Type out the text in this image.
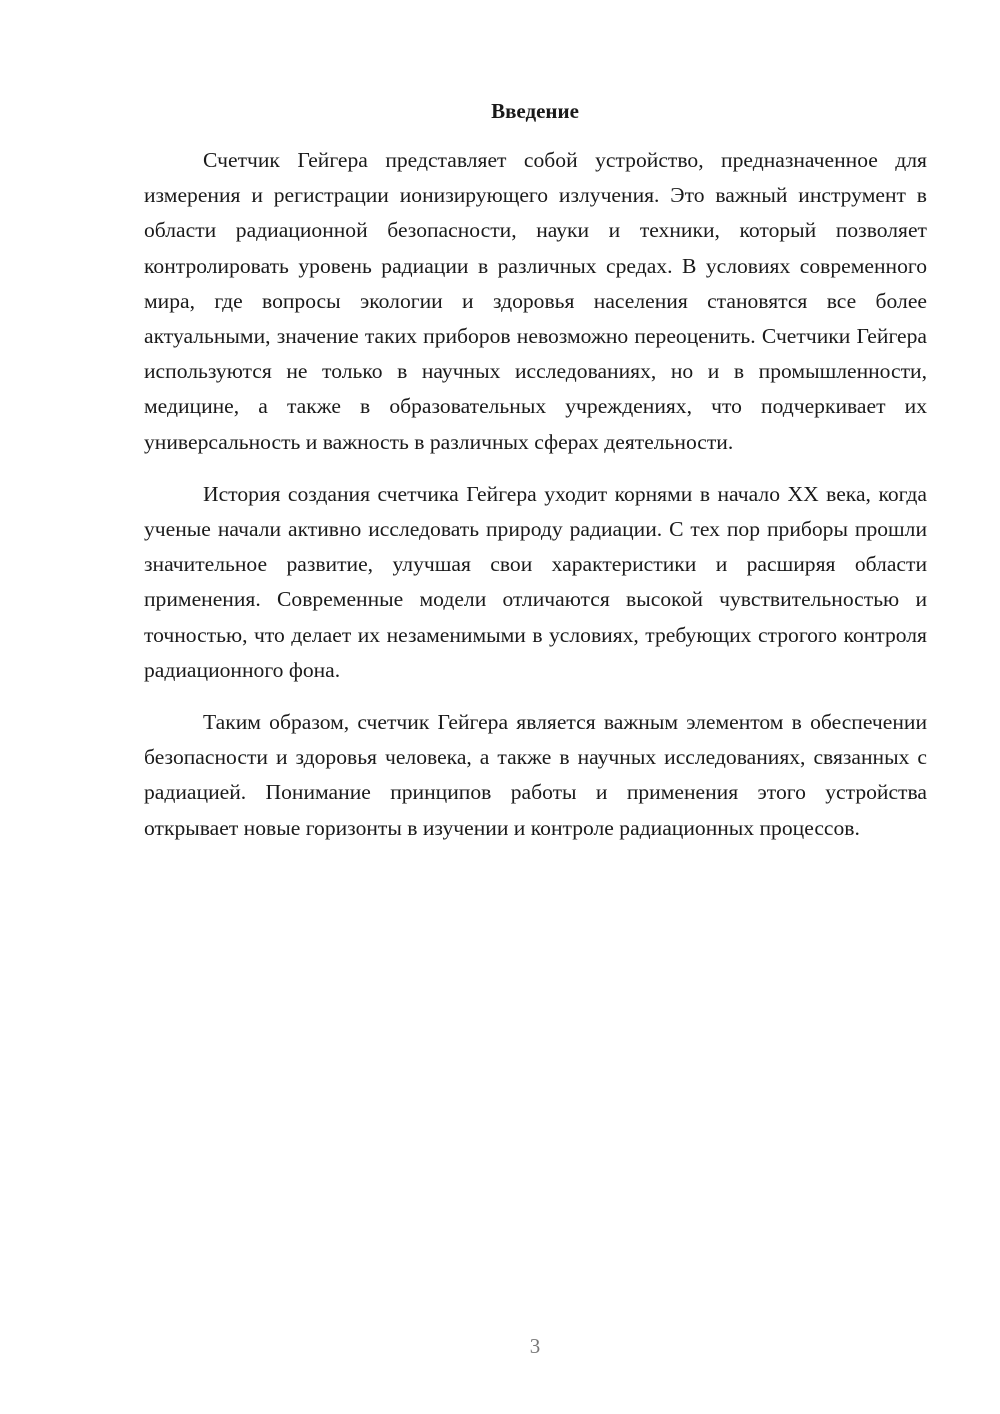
Введение

Счетчик Гейгера представляет собой устройство, предназначенное для измерения и регистрации ионизирующего излучения. Это важный инструмент в области радиационной безопасности, науки и техники, который позволяет контролировать уровень радиации в различных средах. В условиях современного мира, где вопросы экологии и здоровья населения становятся все более актуальными, значение таких приборов невозможно переоценить. Счетчики Гейгера используются не только в научных исследованиях, но и в промышленности, медицине, а также в образовательных учреждениях, что подчеркивает их универсальность и важность в различных сферах деятельности.

История создания счетчика Гейгера уходит корнями в начало XX века, когда ученые начали активно исследовать природу радиации. С тех пор приборы прошли значительное развитие, улучшая свои характеристики и расширяя области применения. Современные модели отличаются высокой чувствительностью и точностью, что делает их незаменимыми в условиях, требующих строгого контроля радиационного фона.

Таким образом, счетчик Гейгера является важным элементом в обеспечении безопасности и здоровья человека, а также в научных исследованиях, связанных с радиацией. Понимание принципов работы и применения этого устройства открывает новые горизонты в изучении и контроле радиационных процессов.

3
